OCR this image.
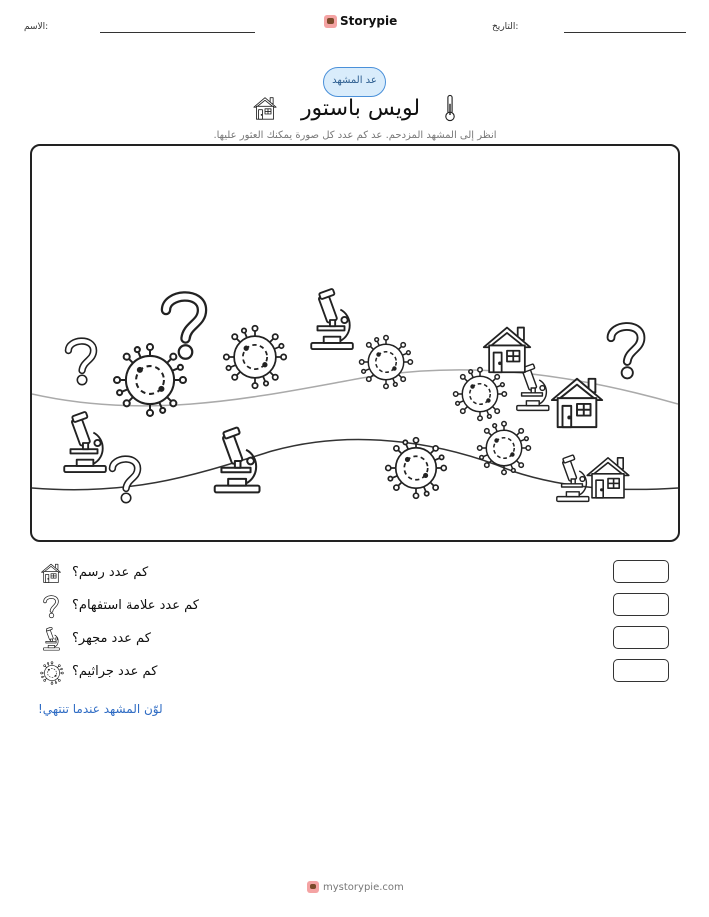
الاسم:	Storypie	التاريخ:
عد المشهد
لويس باستور
انظر إلى المشهد المزدحم. عد كم عدد كل صورة يمكنك العثور عليها.
كم عدد رسم؟
كم عدد علامة استفهام؟
كم عدد مجهر؟
كم عدد جراثيم؟
لوّن المشهد عندما تنتهي!
mystorypie.com
